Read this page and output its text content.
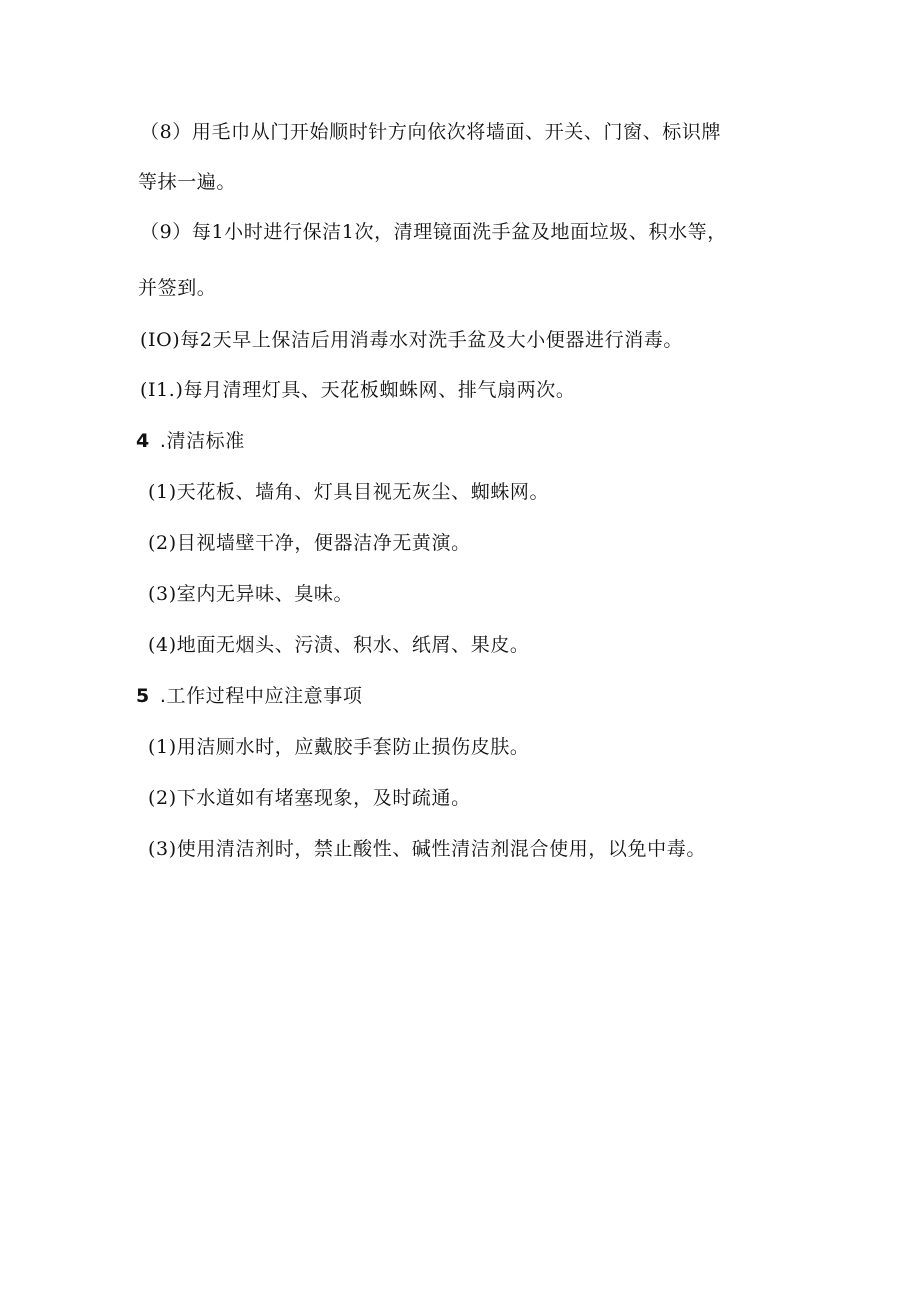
（8）用毛巾从门开始顺时针方向依次将墙面、开关、门窗、标识牌
等抹一遍。
（9）每1小时进行保洁1次，清理镜面洗手盆及地面垃圾、积水等，
并签到。
(IO)每2天早上保洁后用消毒水对洗手盆及大小便器进行消毒。
(I1.)每月清理灯具、天花板蜘蛛网、排气扇两次。
4 .清洁标准
(1)天花板、墙角、灯具目视无灰尘、蜘蛛网。
(2)目视墙壁干净，便器洁净无黄演。
(3)室内无异味、臭味。
(4)地面无烟头、污渍、积水、纸屑、果皮。
5 .工作过程中应注意事项
(1)用洁厕水时，应戴胶手套防止损伤皮肤。
(2)下水道如有堵塞现象，及时疏通。
(3)使用清洁剂时，禁止酸性、碱性清洁剂混合使用，以免中毒。
